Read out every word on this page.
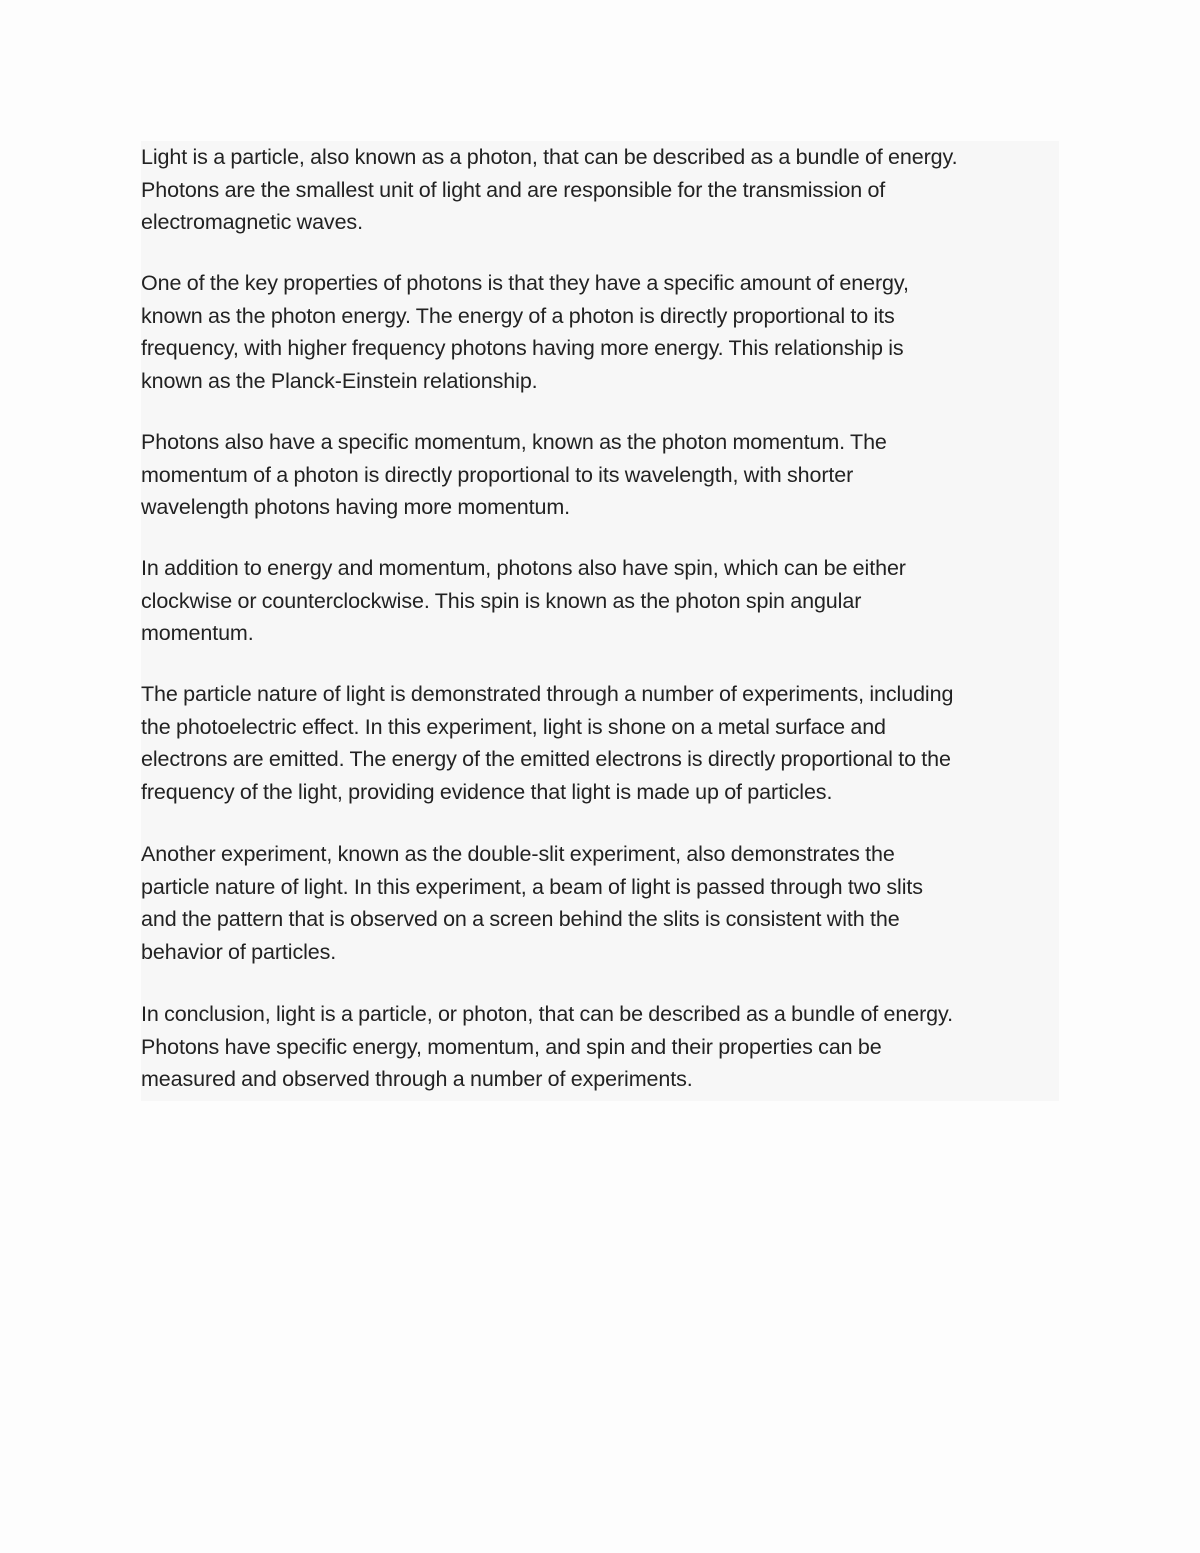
Light is a particle, also known as a photon, that can be described as a bundle of energy.
Photons are the smallest unit of light and are responsible for the transmission of
electromagnetic waves.

One of the key properties of photons is that they have a specific amount of energy,
known as the photon energy. The energy of a photon is directly proportional to its
frequency, with higher frequency photons having more energy. This relationship is
known as the Planck-Einstein relationship.

Photons also have a specific momentum, known as the photon momentum. The
momentum of a photon is directly proportional to its wavelength, with shorter
wavelength photons having more momentum.

In addition to energy and momentum, photons also have spin, which can be either
clockwise or counterclockwise. This spin is known as the photon spin angular
momentum.

The particle nature of light is demonstrated through a number of experiments, including
the photoelectric effect. In this experiment, light is shone on a metal surface and
electrons are emitted. The energy of the emitted electrons is directly proportional to the
frequency of the light, providing evidence that light is made up of particles.

Another experiment, known as the double-slit experiment, also demonstrates the
particle nature of light. In this experiment, a beam of light is passed through two slits
and the pattern that is observed on a screen behind the slits is consistent with the
behavior of particles.

In conclusion, light is a particle, or photon, that can be described as a bundle of energy.
Photons have specific energy, momentum, and spin and their properties can be
measured and observed through a number of experiments.
